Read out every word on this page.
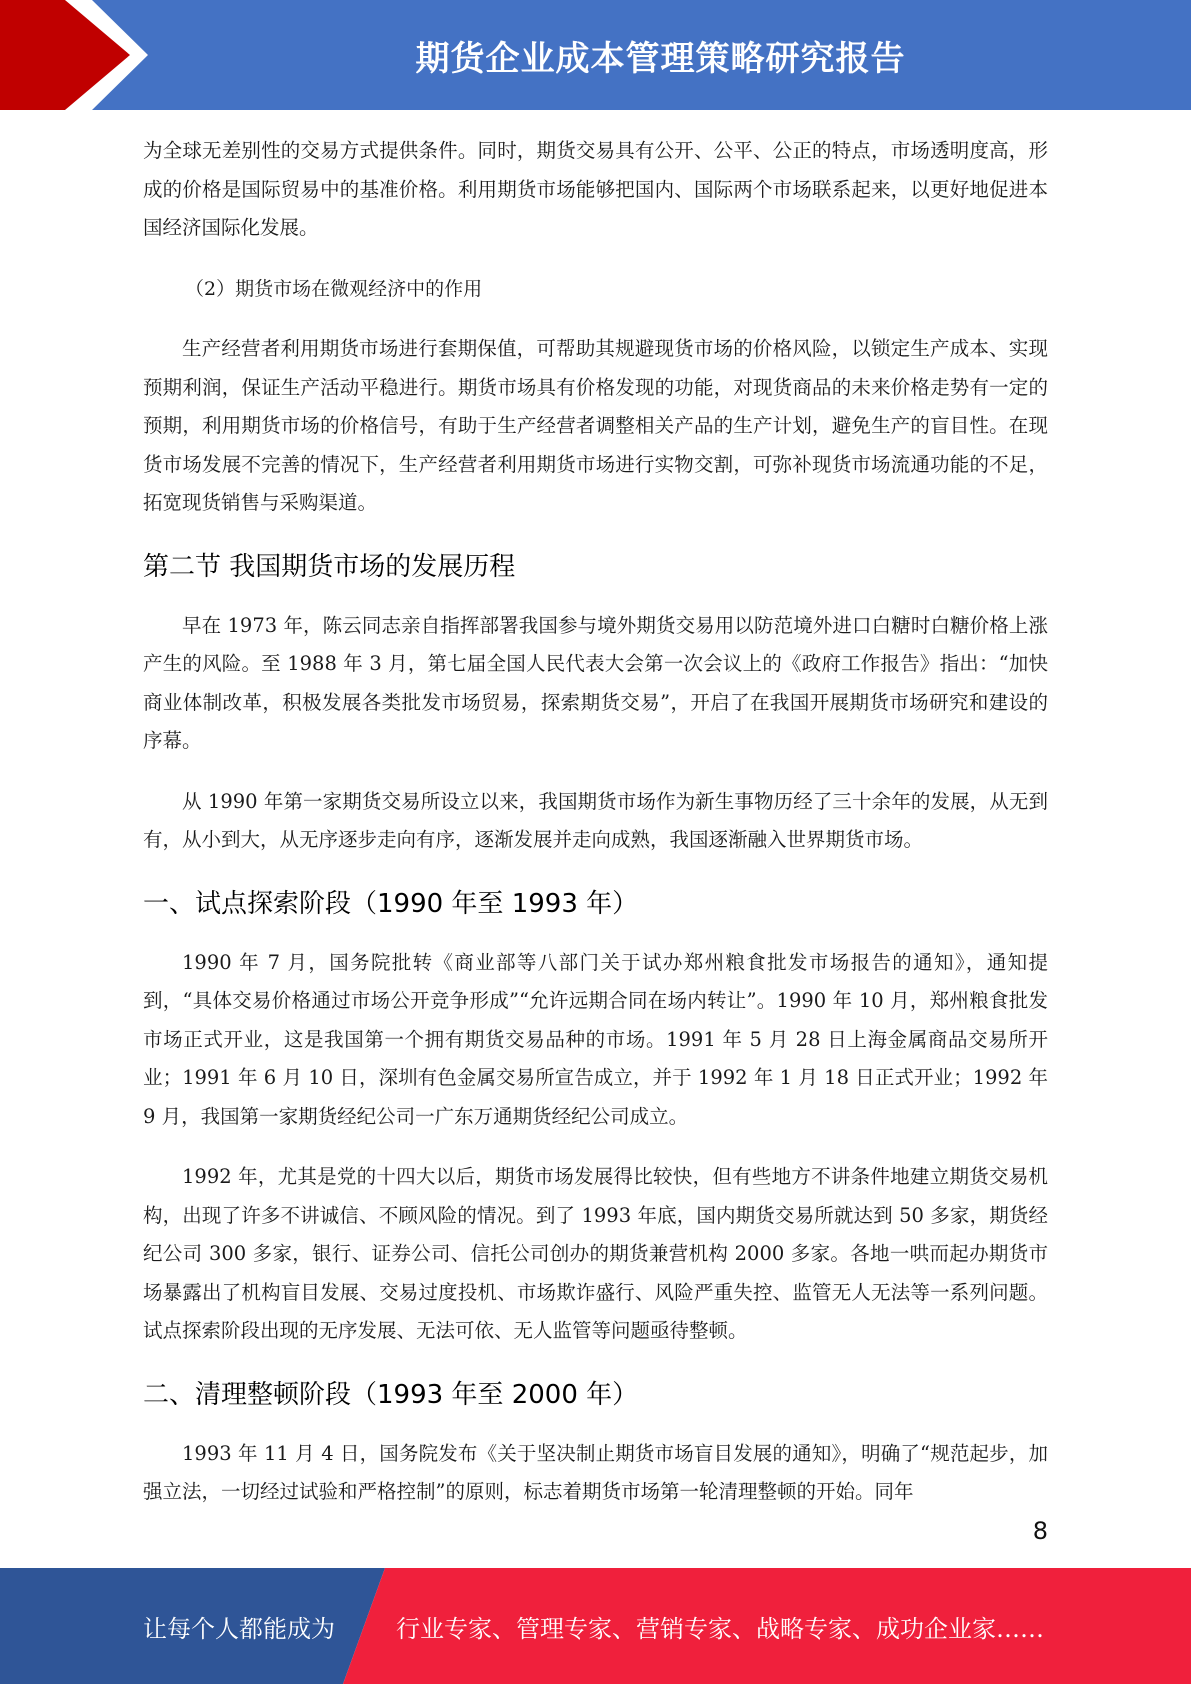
期货企业成本管理策略研究报告

为全球无差别性的交易方式提供条件。同时，期货交易具有公开、公平、公正的特点，市场透明度高，形成的价格是国际贸易中的基准价格。利用期货市场能够把国内、国际两个市场联系起来，以更好地促进本国经济国际化发展。

（2）期货市场在微观经济中的作用

生产经营者利用期货市场进行套期保值，可帮助其规避现货市场的价格风险，以锁定生产成本、实现预期利润，保证生产活动平稳进行。期货市场具有价格发现的功能，对现货商品的未来价格走势有一定的预期，利用期货市场的价格信号，有助于生产经营者调整相关产品的生产计划，避免生产的盲目性。在现货市场发展不完善的情况下，生产经营者利用期货市场进行实物交割，可弥补现货市场流通功能的不足，拓宽现货销售与采购渠道。

第二节 我国期货市场的发展历程

早在 1973 年，陈云同志亲自指挥部署我国参与境外期货交易用以防范境外进口白糖时白糖价格上涨产生的风险。至 1988 年 3 月，第七届全国人民代表大会第一次会议上的《政府工作报告》指出：“加快商业体制改革，积极发展各类批发市场贸易，探索期货交易”，开启了在我国开展期货市场研究和建设的序幕。

从 1990 年第一家期货交易所设立以来，我国期货市场作为新生事物历经了三十余年的发展，从无到有，从小到大，从无序逐步走向有序，逐渐发展并走向成熟，我国逐渐融入世界期货市场。

一、试点探索阶段（1990 年至 1993 年）

1990 年 7 月，国务院批转《商业部等八部门关于试办郑州粮食批发市场报告的通知》，通知提到，“具体交易价格通过市场公开竞争形成”“允许远期合同在场内转让”。1990 年 10 月，郑州粮食批发市场正式开业，这是我国第一个拥有期货交易品种的市场。1991 年 5 月 28 日上海金属商品交易所开业；1991 年 6 月 10 日，深圳有色金属交易所宣告成立，并于 1992 年 1 月 18 日正式开业；1992 年 9 月，我国第一家期货经纪公司一广东万通期货经纪公司成立。

1992 年，尤其是党的十四大以后，期货市场发展得比较快，但有些地方不讲条件地建立期货交易机构，出现了许多不讲诚信、不顾风险的情况。到了 1993 年底，国内期货交易所就达到 50 多家，期货经纪公司 300 多家，银行、证券公司、信托公司创办的期货兼营机构 2000 多家。各地一哄而起办期货市场暴露出了机构盲目发展、交易过度投机、市场欺诈盛行、风险严重失控、监管无人无法等一系列问题。试点探索阶段出现的无序发展、无法可依、无人监管等问题亟待整顿。

二、清理整顿阶段（1993 年至 2000 年）

1993 年 11 月 4 日，国务院发布《关于坚决制止期货市场盲目发展的通知》，明确了“规范起步，加强立法，一切经过试验和严格控制”的原则，标志着期货市场第一轮清理整顿的开始。同年

8
让每个人都能成为	行业专家、管理专家、营销专家、战略专家、成功企业家……
